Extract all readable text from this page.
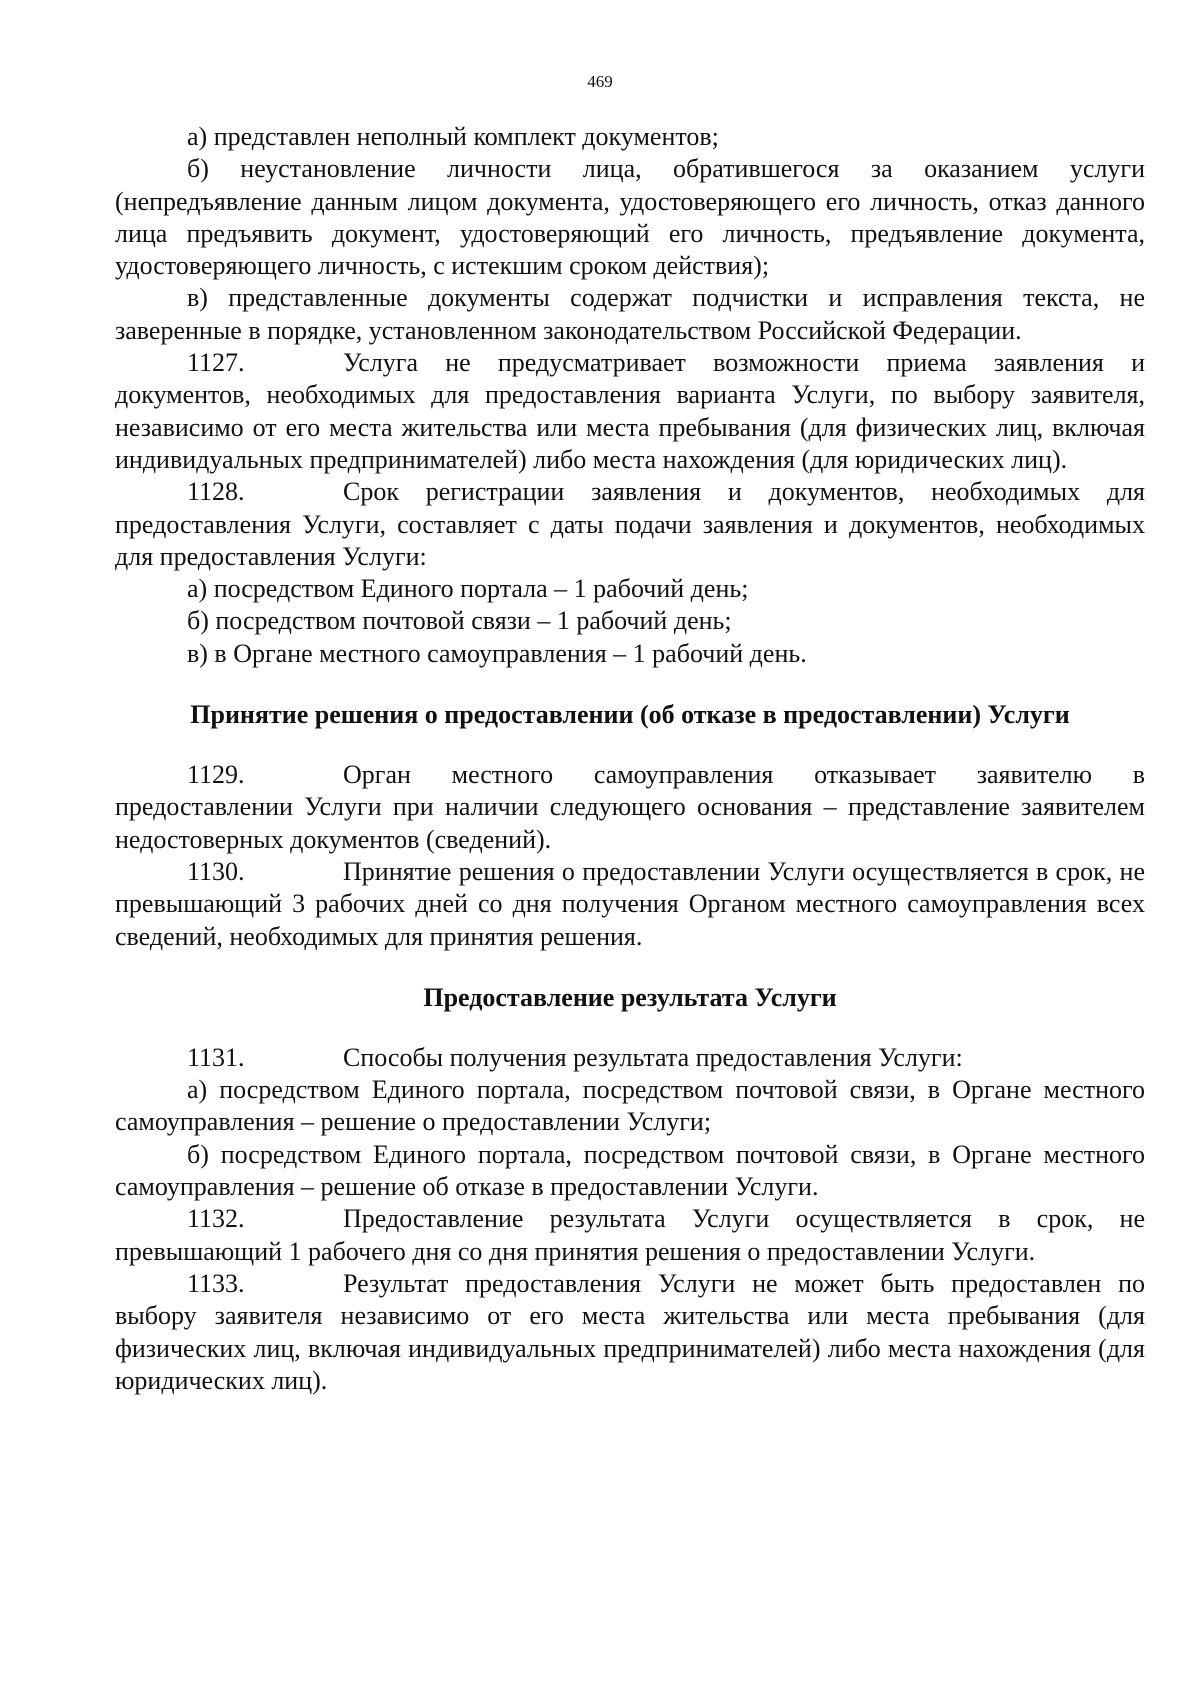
469

а) представлен неполный комплект документов;

б) неустановление личности лица, обратившегося за оказанием услуги (непредъявление данным лицом документа, удостоверяющего его личность, отказ данного лица предъявить документ, удостоверяющий его личность, предъявление документа, удостоверяющего личность, с истекшим сроком действия);

в) представленные документы содержат подчистки и исправления текста, не заверенные в порядке, установленном законодательством Российской Федерации.

1127.	Услуга не предусматривает возможности приема заявления и документов, необходимых для предоставления варианта Услуги, по выбору заявителя, независимо от его места жительства или места пребывания (для физических лиц, включая индивидуальных предпринимателей) либо места нахождения (для юридических лиц).

1128.	Срок регистрации заявления и документов, необходимых для предоставления Услуги, составляет с даты подачи заявления и документов, необходимых для предоставления Услуги:

а) посредством Единого портала – 1 рабочий день;

б) посредством почтовой связи – 1 рабочий день;

в) в Органе местного самоуправления – 1 рабочий день.

Принятие решения о предоставлении (об отказе в предоставлении) Услуги

1129.	Орган местного самоуправления отказывает заявителю в предоставлении Услуги при наличии следующего основания – представление заявителем недостоверных документов (сведений).

1130.	Принятие решения о предоставлении Услуги осуществляется в срок, не превышающий 3 рабочих дней со дня получения Органом местного самоуправления всех сведений, необходимых для принятия решения.

Предоставление результата Услуги

1131.	Способы получения результата предоставления Услуги:

а) посредством Единого портала, посредством почтовой связи, в Органе местного самоуправления – решение о предоставлении Услуги;

б) посредством Единого портала, посредством почтовой связи, в Органе местного самоуправления – решение об отказе в предоставлении Услуги.

1132.	Предоставление результата Услуги осуществляется в срок, не превышающий 1 рабочего дня со дня принятия решения о предоставлении Услуги.

1133.	Результат предоставления Услуги не может быть предоставлен по выбору заявителя независимо от его места жительства или места пребывания (для физических лиц, включая индивидуальных предпринимателей) либо места нахождения (для юридических лиц).
